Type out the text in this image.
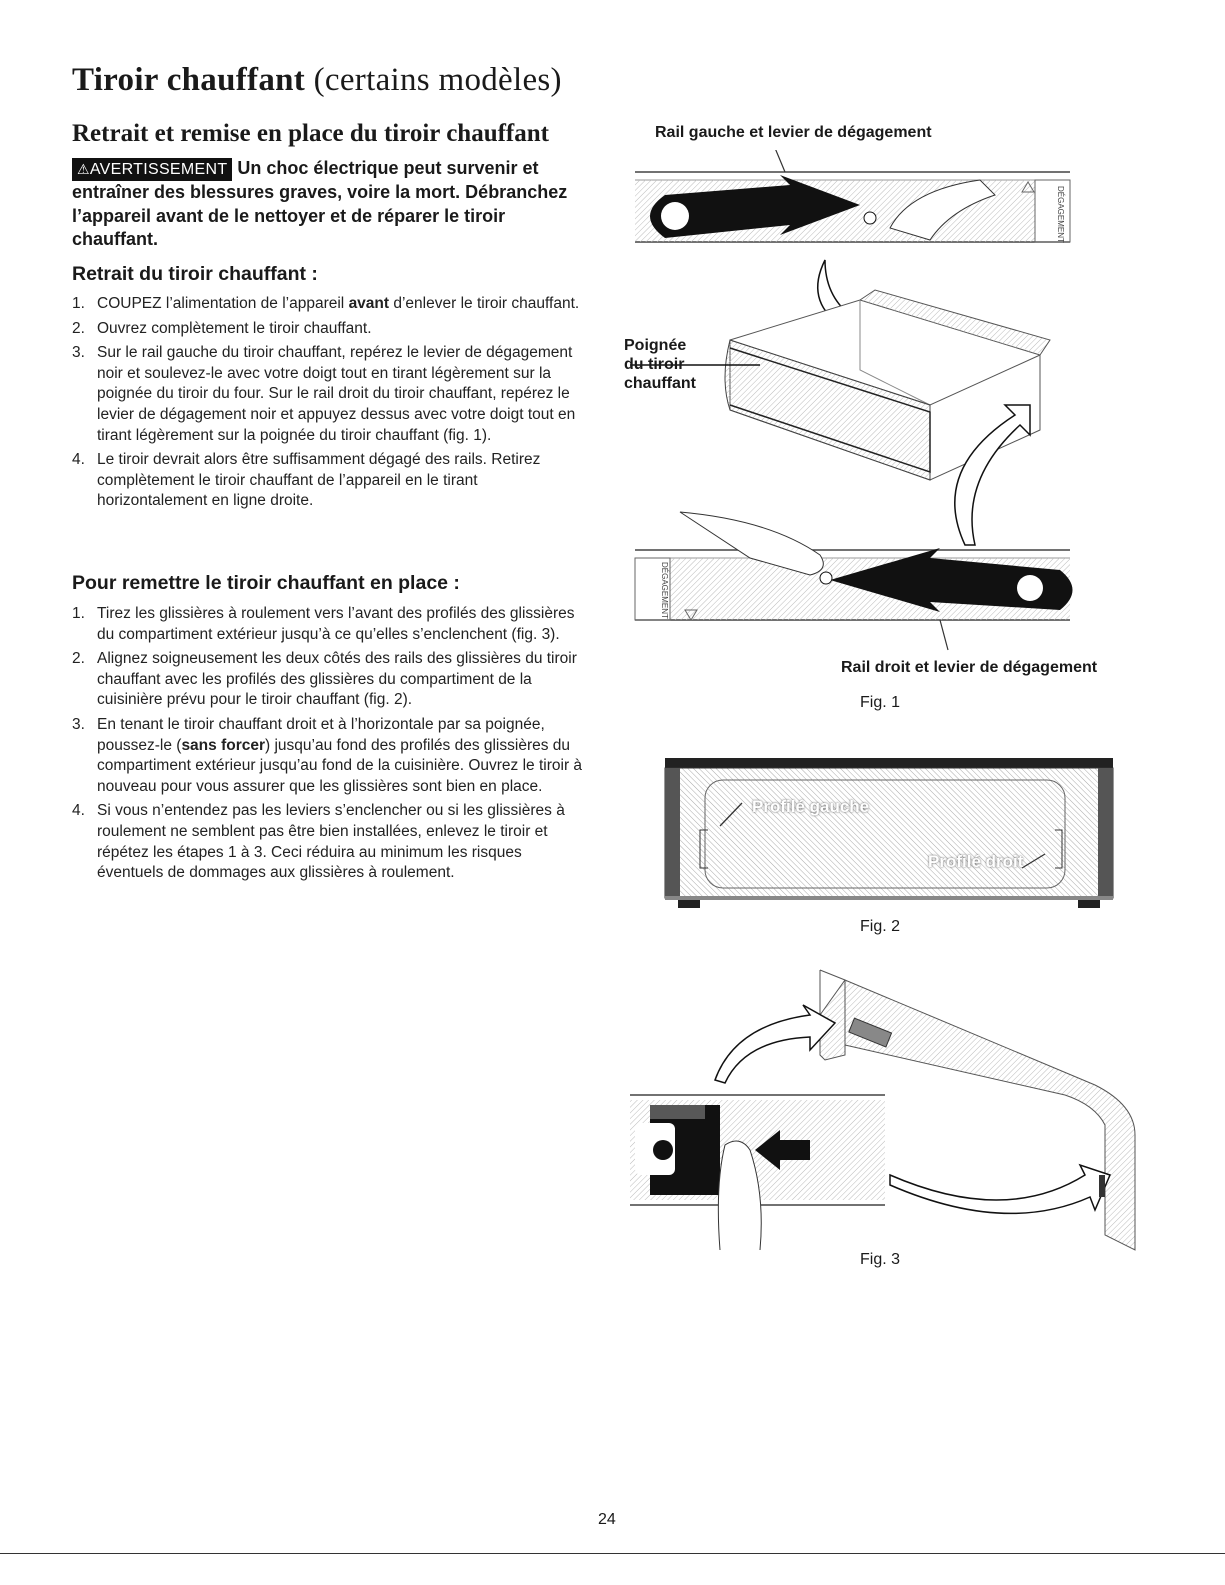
Tiroir chauffant (certains modèles)
Retrait et remise en place du tiroir chauffant

⚠AVERTISSEMENT Un choc électrique peut survenir et entraîner des blessures graves, voire la mort. Débranchez l’appareil avant de le nettoyer et de réparer le tiroir chauffant.

Retrait du tiroir chauffant :
1. COUPEZ l’alimentation de l’appareil avant d’enlever le tiroir chauffant.
2. Ouvrez complètement le tiroir chauffant.
3. Sur le rail gauche du tiroir chauffant, repérez le levier de dégagement noir et soulevez-le avec votre doigt tout en tirant légèrement sur la poignée du tiroir du four. Sur le rail droit du tiroir chauffant, repérez le levier de dégagement noir et appuyez dessus avec votre doigt tout en tirant légèrement sur la poignée du tiroir chauffant (fig. 1).
4. Le tiroir devrait alors être suffisamment dégagé des rails. Retirez complètement le tiroir chauffant de l’appareil en le tirant horizontalement en ligne droite.
Pour remettre le tiroir chauffant en place :
1. Tirez les glissières à roulement vers l’avant des profilés des glissières du compartiment extérieur jusqu’à ce qu’elles s’enclenchent (fig. 3).
2. Alignez soigneusement les deux côtés des rails des glissières du tiroir chauffant avec les profilés des glissières du compartiment de la cuisinière prévu pour le tiroir chauffant (fig. 2).
3. En tenant le tiroir chauffant droit et à l’horizontale par sa poignée, poussez-le (sans forcer) jusqu’au fond des profilés des glissières du compartiment extérieur jusqu’au fond de la cuisinière. Ouvrez le tiroir à nouveau pour vous assurer que les glissières sont bien en place.
4. Si vous n’entendez pas les leviers s’enclencher ou si les glissières à roulement ne semblent pas être bien installées, enlevez le tiroir et répétez les étapes 1 à 3. Ceci réduira au minimum les risques éventuels de dommages aux glissières à roulement.
Rail gauche et levier de dégagement
DÉGAGEMENT
DÉGAGEMENT
Poignée
du tiroir
chauffant
Rail droit et levier de dégagement
Fig. 1
Profilé gauche
Profilé droit
Fig. 2
Fig. 3
24
